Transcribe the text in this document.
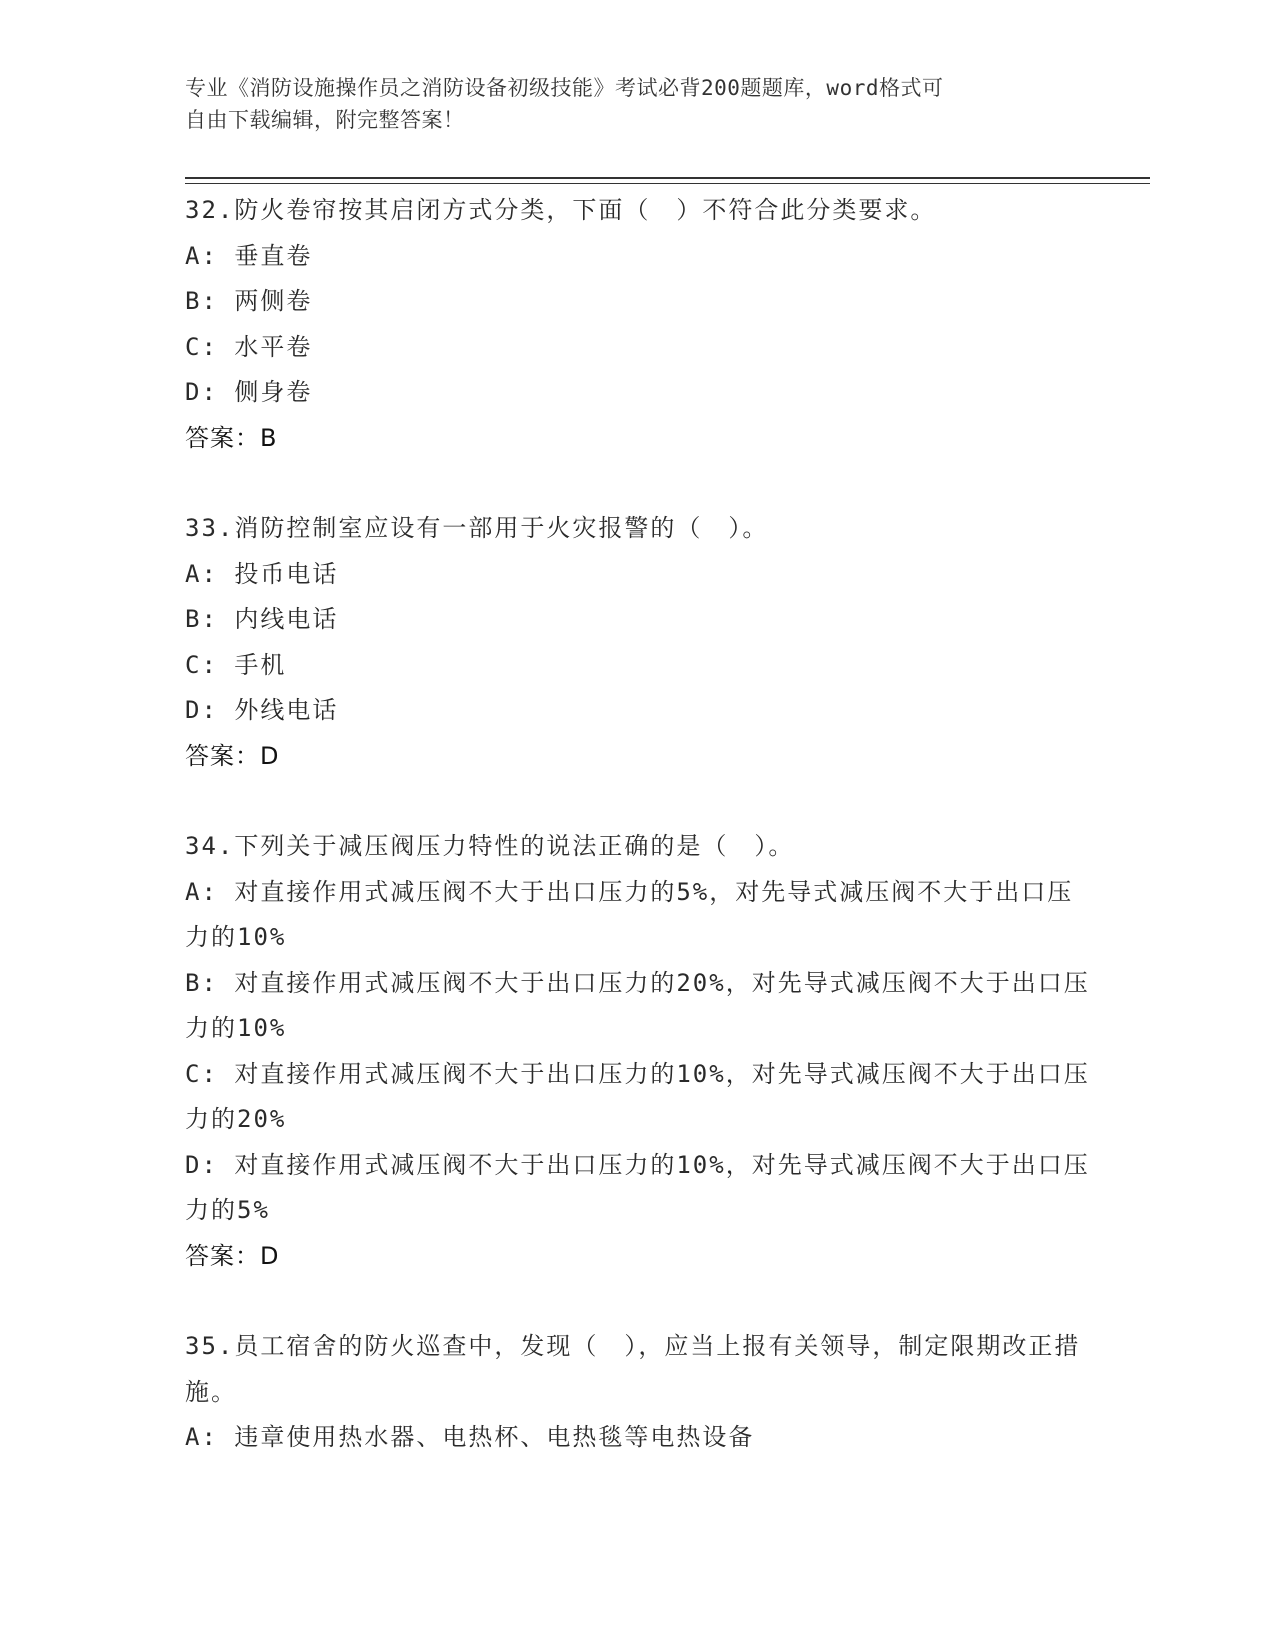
专业《消防设施操作员之消防设备初级技能》考试必背200题题库，word格式可
自由下载编辑，附完整答案！
32.防火卷帘按其启闭方式分类，下面（　）不符合此分类要求。
A: 垂直卷
B: 两侧卷
C: 水平卷
D: 侧身卷
答案：B
33.消防控制室应设有一部用于火灾报警的（　）。
A: 投币电话
B: 内线电话
C: 手机
D: 外线电话
答案：D
34.下列关于减压阀压力特性的说法正确的是（　）。
A: 对直接作用式减压阀不大于出口压力的5%，对先导式减压阀不大于出口压力的10%
B: 对直接作用式减压阀不大于出口压力的20%，对先导式减压阀不大于出口压力的10%
C: 对直接作用式减压阀不大于出口压力的10%，对先导式减压阀不大于出口压力的20%
D: 对直接作用式减压阀不大于出口压力的10%，对先导式减压阀不大于出口压力的5%
答案：D
35.员工宿舍的防火巡查中，发现（　），应当上报有关领导，制定限期改正措施。
A: 违章使用热水器、电热杯、电热毯等电热设备
